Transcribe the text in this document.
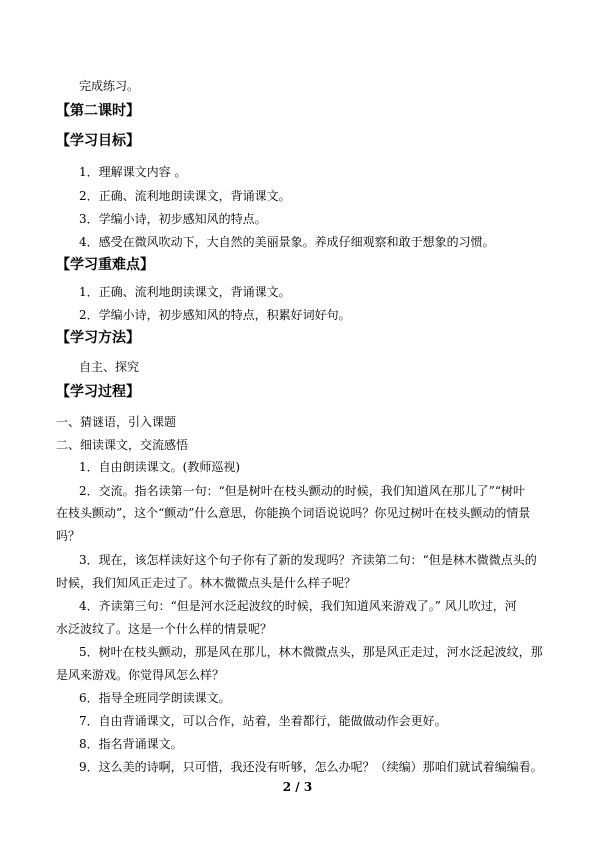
完成练习。
【第二课时】
【学习目标】
1．理解课文内容 。
2．正确、流利地朗读课文，背诵课文。
3．学编小诗，初步感知风的特点。
4．感受在微风吹动下，大自然的美丽景象。养成仔细观察和敢于想象的习惯。
【学习重难点】
1．正确、流利地朗读课文，背诵课文。
2．学编小诗，初步感知风的特点，积累好词好句。
【学习方法】
自主、探究
【学习过程】
一、猜谜语，引入课题
二、细读课文，交流感悟
1．自由朗读课文。(教师巡视)
2．交流。指名读第一句：“但是树叶在枝头颤动的时候，我们知道风在那儿了”“树叶
在枝头颤动”，这个“颤动”什么意思，你能换个词语说说吗？你见过树叶在枝头颤动的情景
吗？
3．现在，该怎样读好这个句子你有了新的发现吗？齐读第二句：“但是林木微微点头的
时候，我们知风正走过了。林木微微点头是什么样子呢？
4．齐读第三句：“但是河水泛起波纹的时候，我们知道风来游戏了。” 风儿吹过，河
水泛波纹了。这是一个什么样的情景呢？
5．树叶在枝头颤动，那是风在那儿，林木微微点头，那是风正走过，河水泛起波纹，那
是风来游戏。你觉得风怎么样？
6．指导全班同学朗读课文。
7．自由背诵课文，可以合作，站着，坐着都行，能做做动作会更好。
8．指名背诵课文。
9．这么美的诗啊，只可惜，我还没有听够，怎么办呢？（续编）那咱们就试着编编看。
2 / 3
